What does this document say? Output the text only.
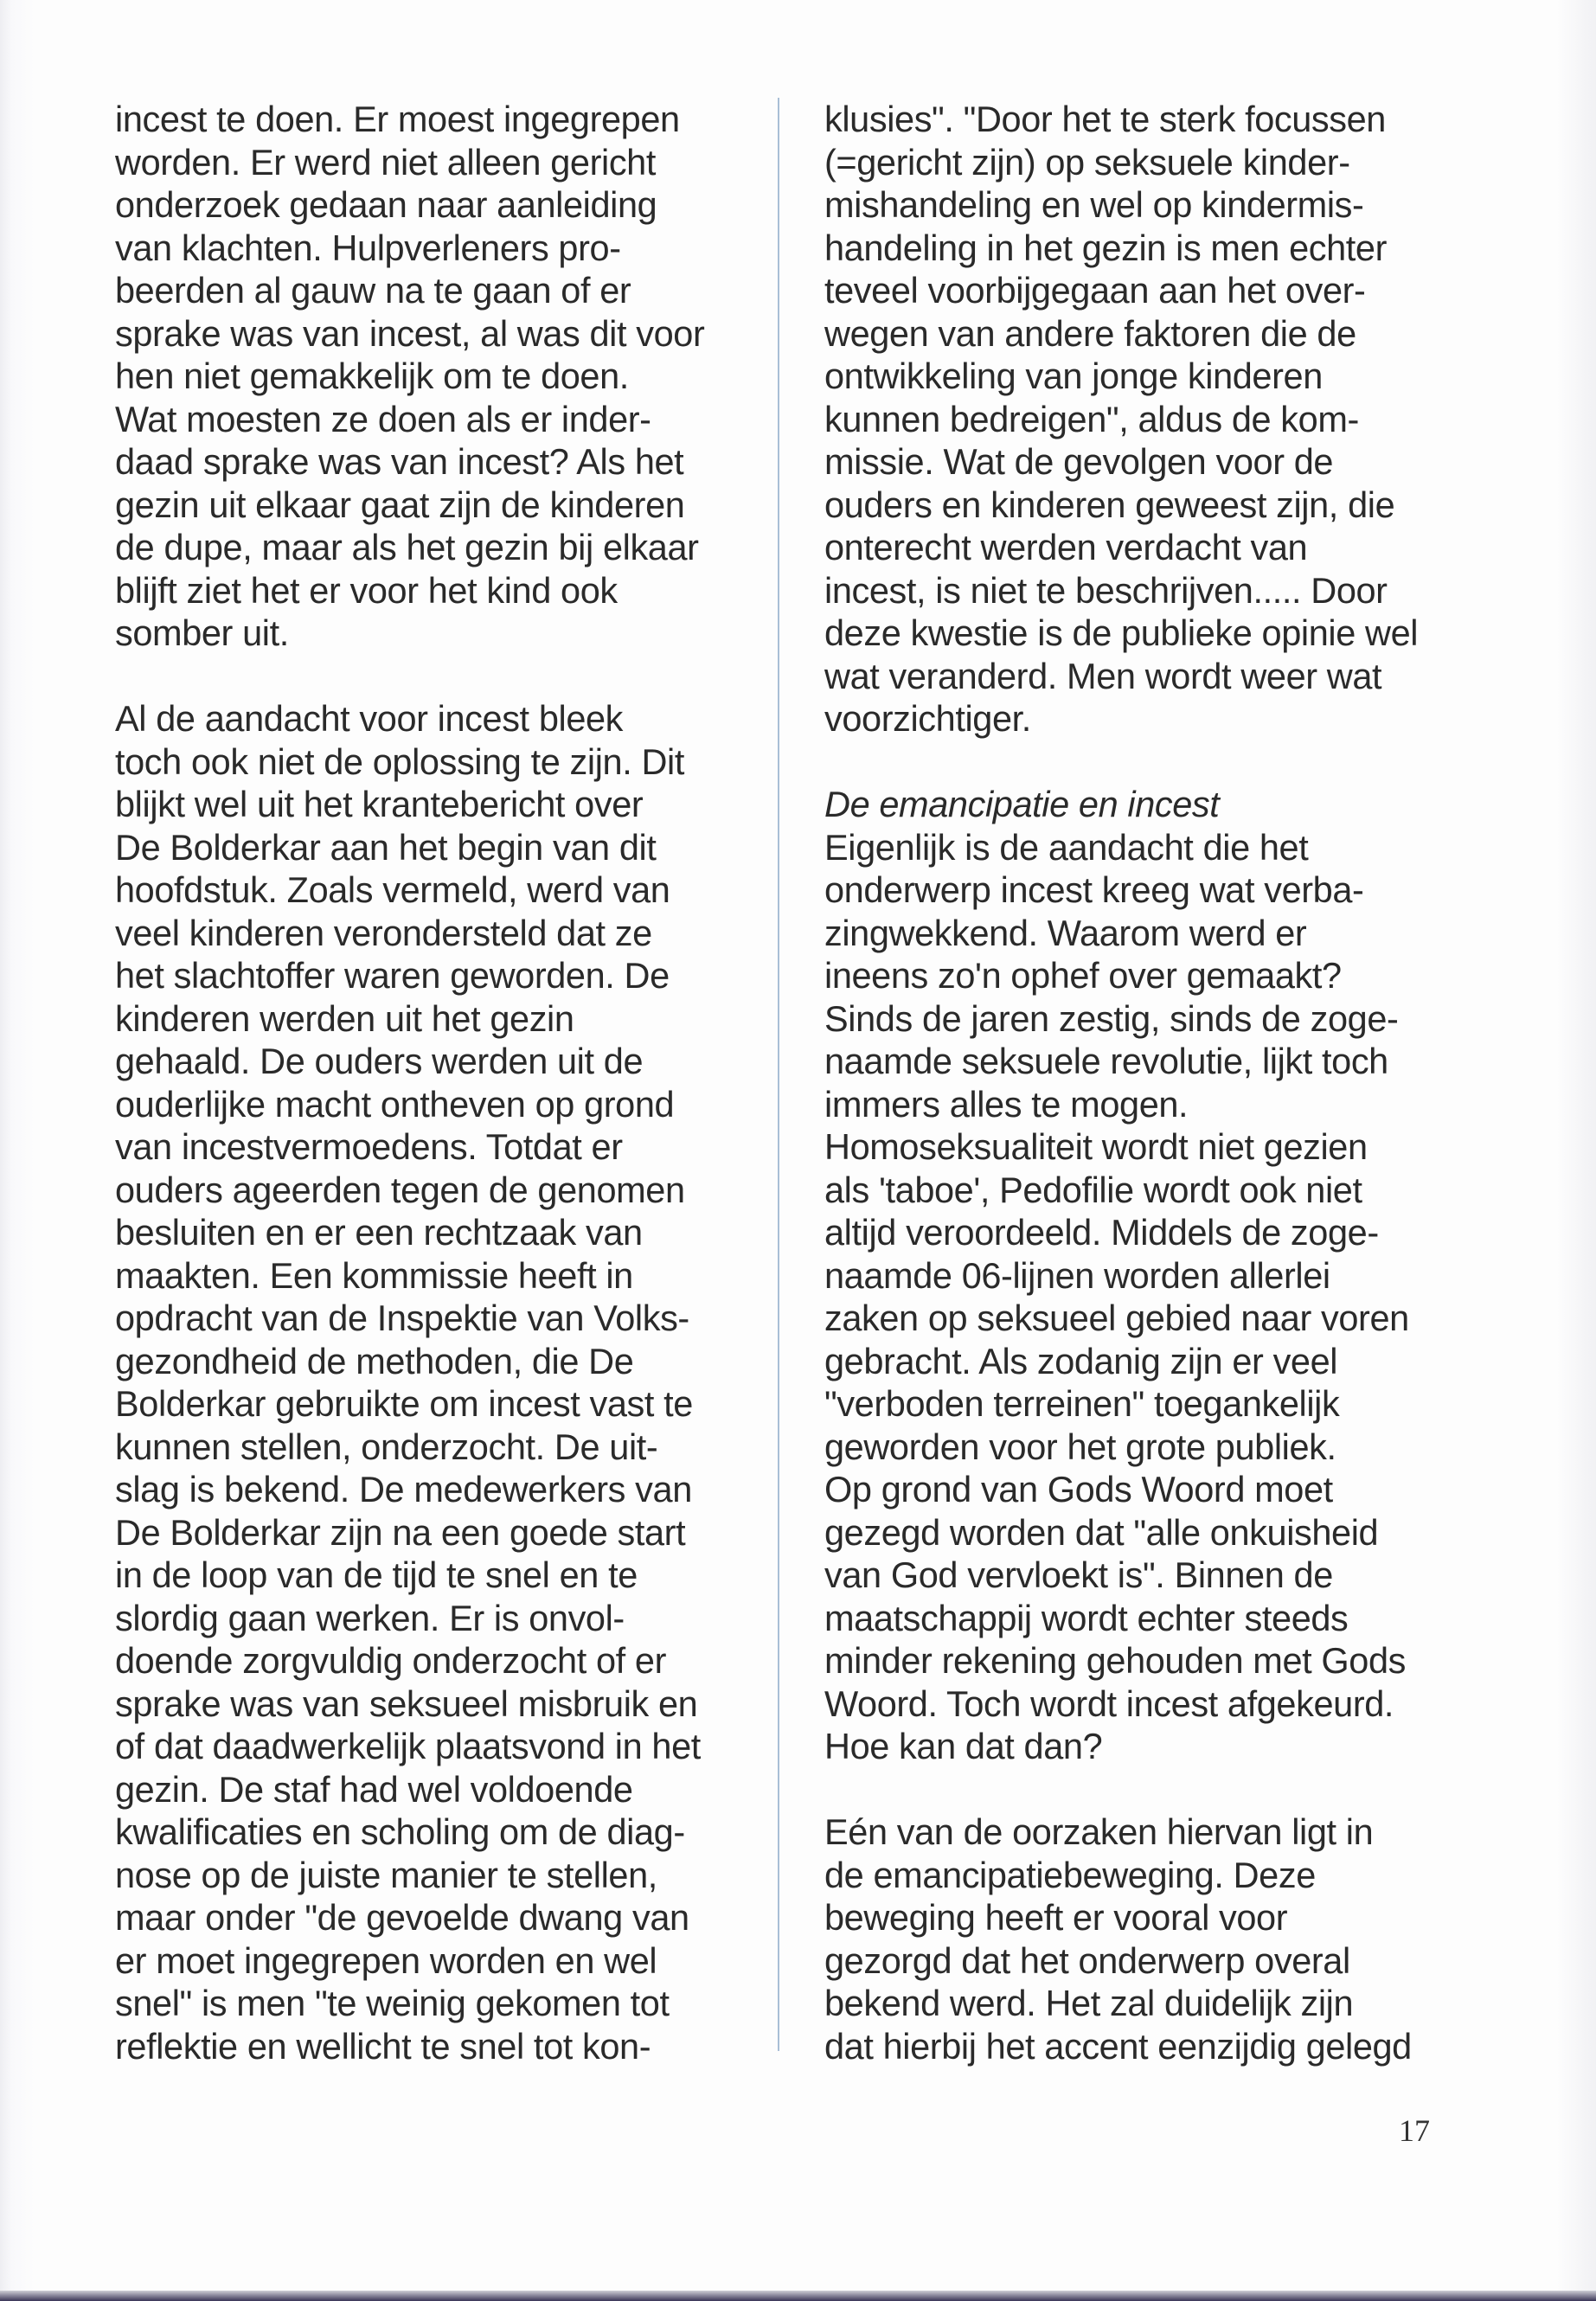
incest te doen. Er moest ingegrepen
worden. Er werd niet alleen gericht
onderzoek gedaan naar aanleiding
van klachten. Hulpverleners pro-
beerden al gauw na te gaan of er
sprake was van incest, al was dit voor
hen niet gemakkelijk om te doen.
Wat moesten ze doen als er inder-
daad sprake was van incest? Als het
gezin uit elkaar gaat zijn de kinderen
de dupe, maar als het gezin bij elkaar
blijft ziet het er voor het kind ook
somber uit.
Al de aandacht voor incest bleek
toch ook niet de oplossing te zijn. Dit
blijkt wel uit het krantebericht over
De Bolderkar aan het begin van dit
hoofdstuk. Zoals vermeld, werd van
veel kinderen verondersteld dat ze
het slachtoffer waren geworden. De
kinderen werden uit het gezin
gehaald. De ouders werden uit de
ouderlijke macht ontheven op grond
van incestvermoedens. Totdat er
ouders ageerden tegen de genomen
besluiten en er een rechtzaak van
maakten. Een kommissie heeft in
opdracht van de Inspektie van Volks-
gezondheid de methoden, die De
Bolderkar gebruikte om incest vast te
kunnen stellen, onderzocht. De uit-
slag is bekend. De medewerkers van
De Bolderkar zijn na een goede start
in de loop van de tijd te snel en te
slordig gaan werken. Er is onvol-
doende zorgvuldig onderzocht of er
sprake was van seksueel misbruik en
of dat daadwerkelijk plaatsvond in het
gezin. De staf had wel voldoende
kwalificaties en scholing om de diag-
nose op de juiste manier te stellen,
maar onder "de gevoelde dwang van
er moet ingegrepen worden en wel
snel" is men "te weinig gekomen tot
reflektie en wellicht te snel tot kon-
klusies". "Door het te sterk focussen
(=gericht zijn) op seksuele kinder-
mishandeling en wel op kindermis-
handeling in het gezin is men echter
teveel voorbijgegaan aan het over-
wegen van andere faktoren die de
ontwikkeling van jonge kinderen
kunnen bedreigen", aldus de kom-
missie. Wat de gevolgen voor de
ouders en kinderen geweest zijn, die
onterecht werden verdacht van
incest, is niet te beschrijven..... Door
deze kwestie is de publieke opinie wel
wat veranderd. Men wordt weer wat
voorzichtiger.
De emancipatie en incest
Eigenlijk is de aandacht die het
onderwerp incest kreeg wat verba-
zingwekkend. Waarom werd er
ineens zo'n ophef over gemaakt?
Sinds de jaren zestig, sinds de zoge-
naamde seksuele revolutie, lijkt toch
immers alles te mogen.
Homoseksualiteit wordt niet gezien
als 'taboe', Pedofilie wordt ook niet
altijd veroordeeld. Middels de zoge-
naamde 06-lijnen worden allerlei
zaken op seksueel gebied naar voren
gebracht. Als zodanig zijn er veel
"verboden terreinen" toegankelijk
geworden voor het grote publiek.
Op grond van Gods Woord moet
gezegd worden dat "alle onkuisheid
van God vervloekt is". Binnen de
maatschappij wordt echter steeds
minder rekening gehouden met Gods
Woord. Toch wordt incest afgekeurd.
Hoe kan dat dan?
Eén van de oorzaken hiervan ligt in
de emancipatiebeweging. Deze
beweging heeft er vooral voor
gezorgd dat het onderwerp overal
bekend werd. Het zal duidelijk zijn
dat hierbij het accent eenzijdig gelegd
17
